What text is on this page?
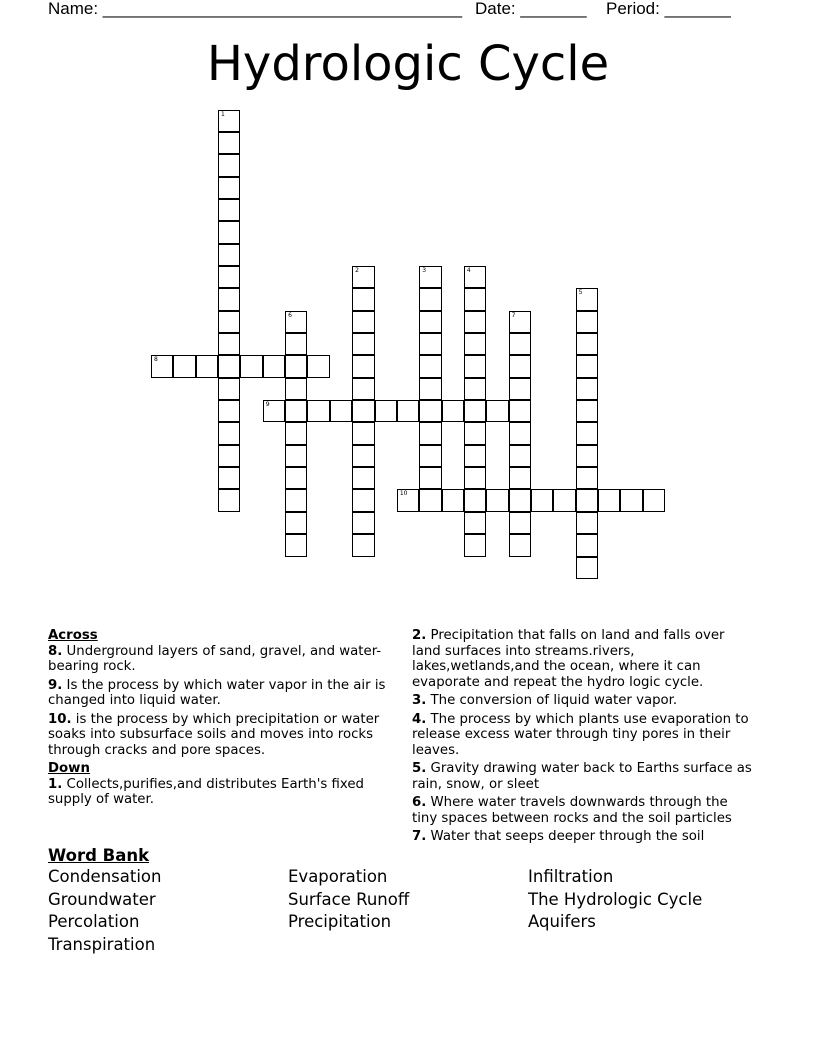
Name: ______________________________________ Date: _______ Period: _______
Hydrologic Cycle
1
2	3	4
5
6	7
8
9
10

Across

8. Underground layers of sand, gravel, and water-bearing rock.

9. Is the process by which water vapor in the air is changed into liquid water.

10. is the process by which precipitation or water soaks into subsurface soils and moves into rocks through cracks and pore spaces.

Down

1. Collects,purifies,and distributes Earth's fixed supply of water.

2. Precipitation that falls on land and falls over land surfaces into streams.rivers, lakes,wetlands,and the ocean, where it can evaporate and repeat the hydro logic cycle.

3. The conversion of liquid water vapor.

4. The process by which plants use evaporation to release excess water through tiny pores in their leaves.

5. Gravity drawing water back to Earths surface as rain, snow, or sleet

6. Where water travels downwards through the tiny spaces between rocks and the soil particles

7. Water that seeps deeper through the soil

Word Bank

Condensation	Evaporation	Infiltration
Groundwater	Surface Runoff	The Hydrologic Cycle
Percolation	Precipitation	Aquifers
Transpiration
